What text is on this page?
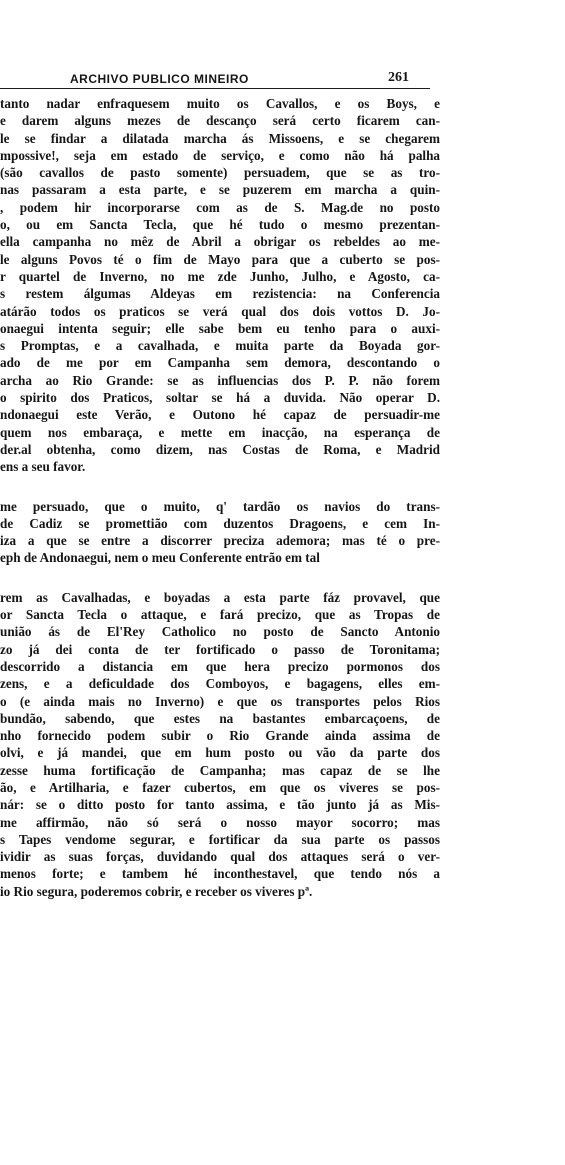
ARCHIVO PUBLICO MINEIRO	261
tanto nadar enfraquesem muito os Cavallos, e os Boys, e
e darem alguns mezes de descanço será certo ficarem can-
le se findar a dilatada marcha ás Missoens, e se chegarem
mpossive!, seja em estado de serviço, e como não há palha
(são cavallos de pasto somente) persuadem, que se as tro-
nas passaram a esta parte, e se puzerem em marcha a quin-
, podem hir incorporarse com as de S. Mag.de no posto
o, ou em Sancta Tecla, que hé tudo o mesmo prezentan-
ella campanha no mêz de Abril a obrigar os rebeldes ao me-
le alguns Povos té o fim de Mayo para que a cuberto se pos-
r quartel de Inverno, no me zde Junho, Julho, e Agosto, ca-
s restem álgumas Aldeyas em rezistencia: na Conferencia
atárão todos os praticos se verá qual dos dois vottos D. Jo-
onaegui intenta seguir; elle sabe bem eu tenho para o auxi-
s Promptas, e a cavalhada, e muita parte da Boyada gor-
ado de me por em Campanha sem demora, descontando o
archa ao Rio Grande: se as influencias dos P. P. não forem
o spirito dos Praticos, soltar se há a duvida. Não operar D.
ndonaegui este Verão, e Outono hé capaz de persuadir-me
quem nos embaraça, e mette em inacção, na esperança de
der.al obtenha, como dizem, nas Costas de Roma, e Madrid
ens a seu favor.
me persuado, que o muito, q' tardão os navios do trans-
de Cadiz se promettião com duzentos Dragoens, e cem In-
iza a que se entre a discorrer preciza ademora; mas té o pre-
eph de Andonaegui, nem o meu Conferente entrão em tal
rem as Cavalhadas, e boyadas a esta parte fáz provavel, que
or Sancta Tecla o attaque, e fará precizo, que as Tropas de
união ás de El'Rey Catholico no posto de Sancto Antonio
zo já dei conta de ter fortificado o passo de Toronitama;
descorrido a distancia em que hera precizo pormonos dos
zens, e a deficuldade dos Comboyos, e bagagens, elles em-
o (e ainda mais no Inverno) e que os transportes pelos Rios
bundão, sabendo, que estes na bastantes embarcaçoens, de
nho fornecido podem subir o Rio Grande ainda assima de
olvi, e já mandei, que em hum posto ou vão da parte dos
zesse huma fortificação de Campanha; mas capaz de se lhe
ão, e Artilharia, e fazer cubertos, em que os viveres se pos-
nár: se o ditto posto for tanto assima, e tão junto já as Mis-
me affirmão, não só será o nosso mayor socorro; mas
s Tapes vendome segurar, e fortificar da sua parte os passos
ividir as suas forças, duvidando qual dos attaques será o ver-
menos forte; e tambem hé inconthestavel, que tendo nós a
io Rio segura, poderemos cobrir, e receber os viveres pª.
